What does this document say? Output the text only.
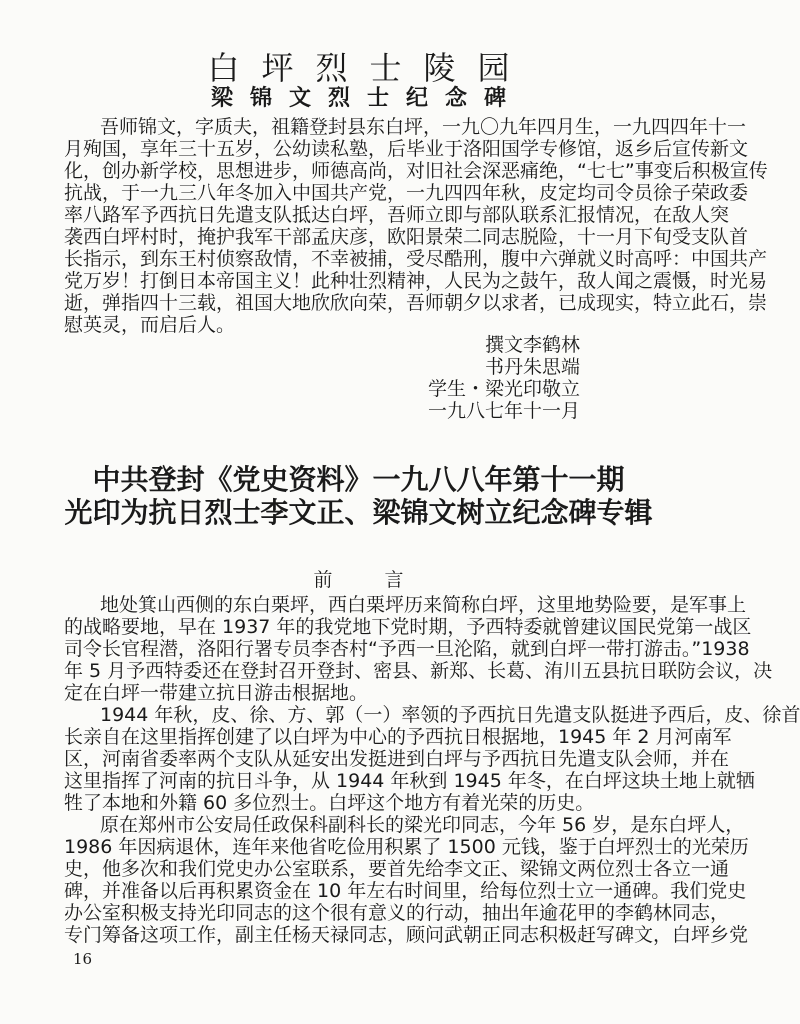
白坪烈士陵园
梁锦文烈士纪念碑
吾师锦文，字质夫，祖籍登封县东白坪，一九〇九年四月生，一九四四年十一
月殉国，享年三十五岁，公幼读私塾，后毕业于洛阳国学专修馆，返乡后宣传新文
化，创办新学校，思想进步，师德高尚，对旧社会深恶痛绝，“七七”事变后积极宣传
抗战，于一九三八年冬加入中国共产党，一九四四年秋，皮定均司令员徐子荣政委
率八路军予西抗日先遣支队抵达白坪，吾师立即与部队联系汇报情况，在敌人突
袭西白坪村时，掩护我军干部孟庆彦，欧阳景荣二同志脱险，十一月下旬受支队首
长指示，到东王村侦察敌情，不幸被捕，受尽酷刑，腹中六弹就义时高呼：中国共产
党万岁！打倒日本帝国主义！此种壮烈精神，人民为之鼓午，敌人闻之震慑，时光易
逝，弹指四十三载，祖国大地欣欣向荣，吾师朝夕以求者，已成现实，特立此石，崇
慰英灵，而启后人。
撰文李鹤林
书丹朱思端
学生・梁光印敬立
一九八七年十一月
中共登封《党史资料》一九八八年第十一期
光印为抗日烈士李文正、梁锦文树立纪念碑专辑
前言
地处箕山西侧的东白栗坪，西白栗坪历来简称白坪，这里地势险要，是军事上
的战略要地，早在 1937 年的我党地下党时期，予西特委就曾建议国民党第一战区
司令长官程潜，洛阳行署专员李杏村“予西一旦沦陷，就到白坪一带打游击。”1938
年 5 月予西特委还在登封召开登封、密县、新郑、长葛、洧川五县抗日联防会议，决
定在白坪一带建立抗日游击根据地。
1944 年秋，皮、徐、方、郭（一）率领的予西抗日先遣支队挺进予西后，皮、徐首
长亲自在这里指挥创建了以白坪为中心的予西抗日根据地，1945 年 2 月河南军
区，河南省委率两个支队从延安出发挺进到白坪与予西抗日先遣支队会师，并在
这里指挥了河南的抗日斗争，从 1944 年秋到 1945 年冬，在白坪这块土地上就牺
牲了本地和外籍 60 多位烈士。白坪这个地方有着光荣的历史。
原在郑州市公安局任政保科副科长的梁光印同志，今年 56 岁，是东白坪人，
1986 年因病退休，连年来他省吃俭用积累了 1500 元钱，鉴于白坪烈士的光荣历
史，他多次和我们党史办公室联系，要首先给李文正、梁锦文两位烈士各立一通
碑，并准备以后再积累资金在 10 年左右时间里，给每位烈士立一通碑。我们党史
办公室积极支持光印同志的这个很有意义的行动，抽出年逾花甲的李鹤林同志，
专门筹备这项工作，副主任杨天禄同志，顾问武朝正同志积极赶写碑文，白坪乡党
16
